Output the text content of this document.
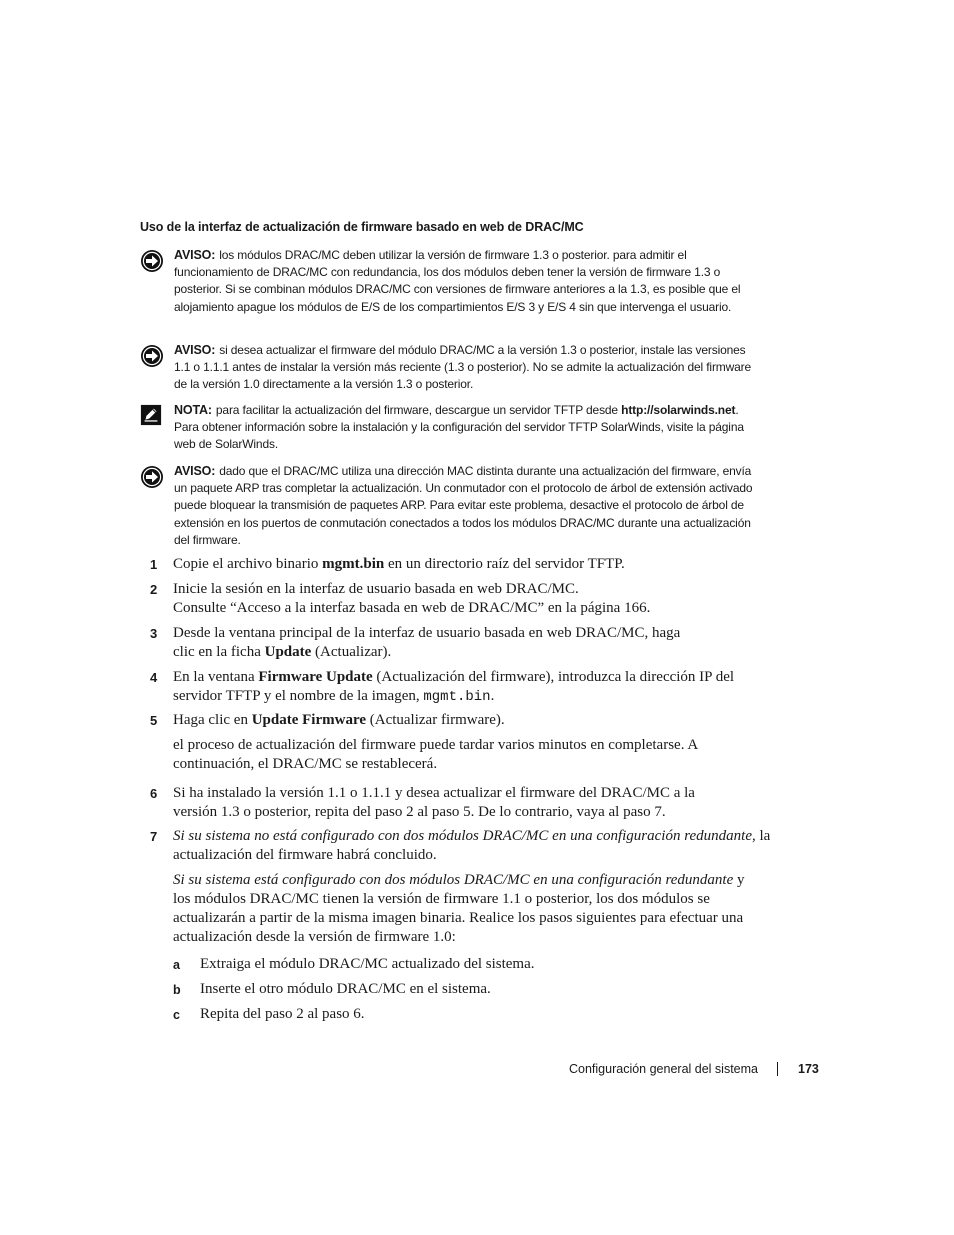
Uso de la interfaz de actualización de firmware basado en web de DRAC/MC
AVISO: los módulos DRAC/MC deben utilizar la versión de firmware 1.3 o posterior. para admitir el funcionamiento de DRAC/MC con redundancia, los dos módulos deben tener la versión de firmware 1.3 o posterior. Si se combinan módulos DRAC/MC con versiones de firmware anteriores a la 1.3, es posible que el alojamiento apague los módulos de E/S de los compartimientos E/S 3 y E/S 4 sin que intervenga el usuario.
AVISO: si desea actualizar el firmware del módulo DRAC/MC a la versión 1.3 o posterior, instale las versiones 1.1 o 1.1.1 antes de instalar la versión más reciente (1.3 o posterior). No se admite la actualización del firmware de la versión 1.0 directamente a la versión 1.3 o posterior.
NOTA: para facilitar la actualización del firmware, descargue un servidor TFTP desde http://solarwinds.net. Para obtener información sobre la instalación y la configuración del servidor TFTP SolarWinds, visite la página web de SolarWinds.
AVISO: dado que el DRAC/MC utiliza una dirección MAC distinta durante una actualización del firmware, envía un paquete ARP tras completar la actualización. Un conmutador con el protocolo de árbol de extensión activado puede bloquear la transmisión de paquetes ARP. Para evitar este problema, desactive el protocolo de árbol de extensión en los puertos de conmutación conectados a todos los módulos DRAC/MC durante una actualización del firmware.
1	Copie el archivo binario mgmt.bin en un directorio raíz del servidor TFTP.
2	Inicie la sesión en la interfaz de usuario basada en web DRAC/MC.
Consulte “Acceso a la interfaz basada en web de DRAC/MC” en la página 166.
3	Desde la ventana principal de la interfaz de usuario basada en web DRAC/MC, haga clic en la ficha Update (Actualizar).
4	En la ventana Firmware Update (Actualización del firmware), introduzca la dirección IP del servidor TFTP y el nombre de la imagen, mgmt.bin.
5	Haga clic en Update Firmware (Actualizar firmware).
el proceso de actualización del firmware puede tardar varios minutos en completarse. A continuación, el DRAC/MC se restablecerá.
6	Si ha instalado la versión 1.1 o 1.1.1 y desea actualizar el firmware del DRAC/MC a la versión 1.3 o posterior, repita del paso 2 al paso 5. De lo contrario, vaya al paso 7.
7	Si su sistema no está configurado con dos módulos DRAC/MC en una configuración redundante, la actualización del firmware habrá concluido.
Si su sistema está configurado con dos módulos DRAC/MC en una configuración redundante y los módulos DRAC/MC tienen la versión de firmware 1.1 o posterior, los dos módulos se actualizarán a partir de la misma imagen binaria. Realice los pasos siguientes para efectuar una actualización desde la versión de firmware 1.0:
a Extraiga el módulo DRAC/MC actualizado del sistema.
b Inserte el otro módulo DRAC/MC en el sistema.
c Repita del paso 2 al paso 6.
Configuración general del sistema	173
